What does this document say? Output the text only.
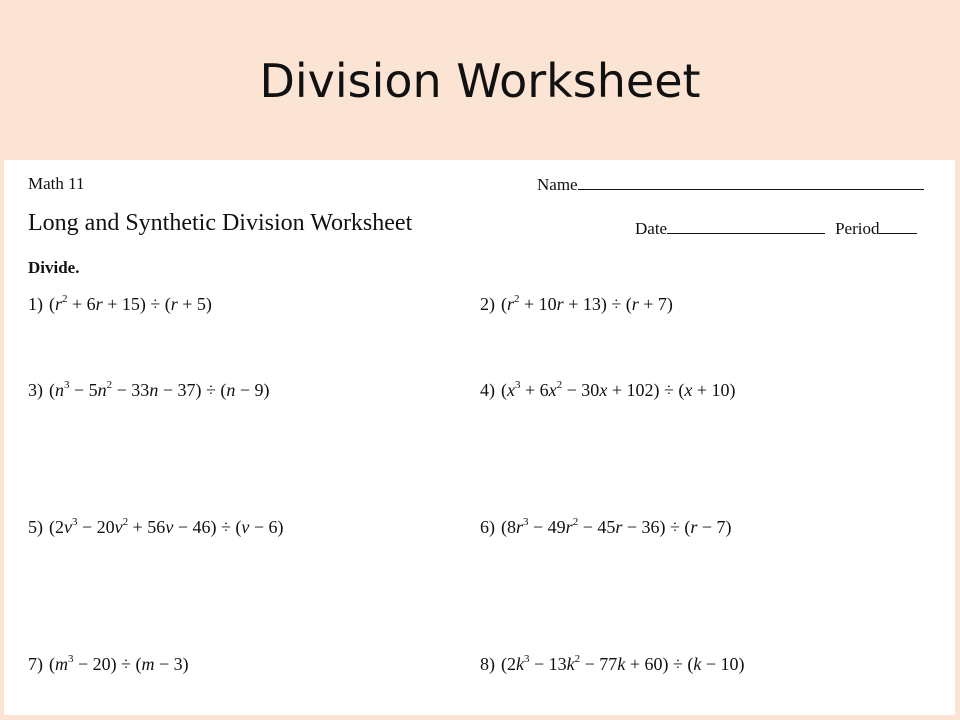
Division Worksheet
Math 11	Name
Long and Synthetic Division Worksheet	Date	Period
Divide.
1) $(r^2 + 6r + 15) \div (r + 5)$	2) $(r^2 + 10r + 13) \div (r + 7)$
3) $(n^3 - 5n^2 - 33n - 37) \div (n - 9)$	4) $(x^3 + 6x^2 - 30x + 102) \div (x + 10)$
5) $(2v^3 - 20v^2 + 56v - 46) \div (v - 6)$	6) $(8r^3 - 49r^2 - 45r - 36) \div (r - 7)$
7) $(m^3 - 20) \div (m - 3)$	8) $(2k^3 - 13k^2 - 77k + 60) \div (k - 10)$
